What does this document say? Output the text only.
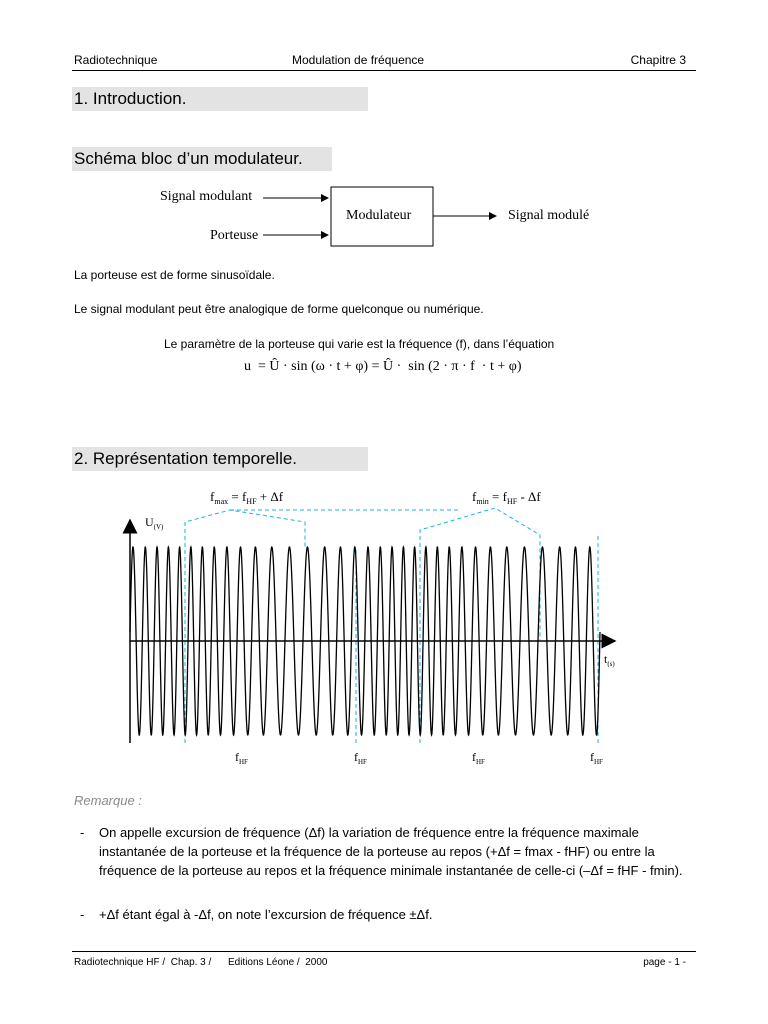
Radiotechnique	Modulation de fréquence	Chapitre 3
1. Introduction.
Schéma bloc d’un modulateur.
Signal modulant
Porteuse
Modulateur	Signal modulé
La porteuse est de forme sinusoïdale.
Le signal modulant peut être analogique de forme quelconque ou numérique.
Le paramètre de la porteuse qui varie est la fréquence (f), dans l’équation
u  = Û · sin (ω · t + φ) = Û ·  sin (2 · π · f  · t + φ)
2. Représentation temporelle.
$f_{max} = f_{HF} + \Delta f$	$f_{min} = f_{HF} - \Delta f$
$U_{(V)}$
$t_{(s)}$
$f_{HF}$	$f_{HF}$	$f_{HF}$	$f_{HF}$
Remarque :
- On appelle excursion de fréquence (Δf) la variation de fréquence entre la fréquence maximale instantanée de la porteuse et la fréquence de la porteuse au repos (+Δf = fmax - fHF) ou entre la fréquence de la porteuse au repos et la fréquence minimale instantanée de celle-ci (–Δf = fHF - fmin).
- +Δf étant égal à -Δf, on note l’excursion de fréquence ±Δf.
Radiotechnique HF /  Chap. 3 /      Editions Léone /  2000	page - 1 -
